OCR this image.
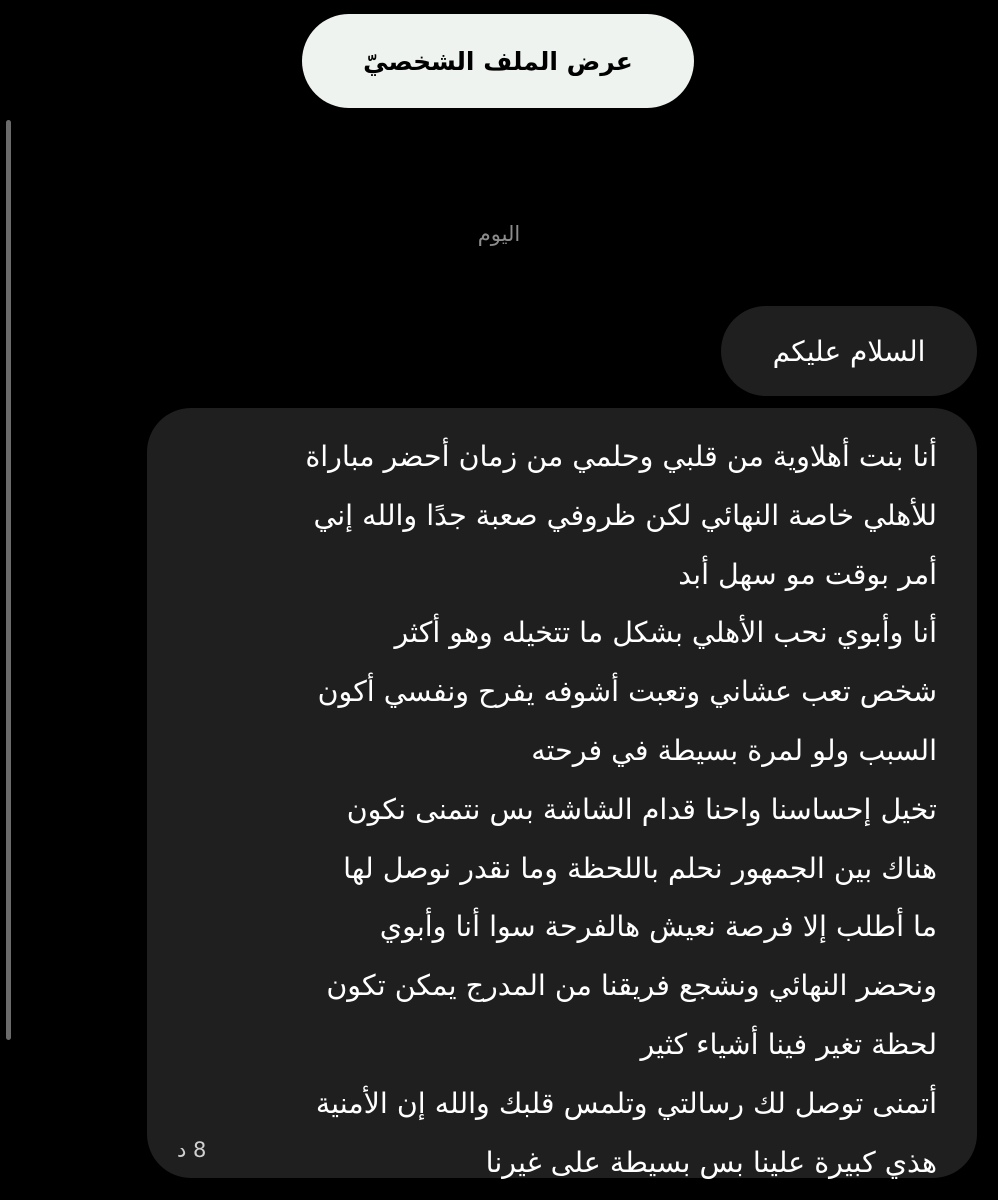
عرض الملف الشخصيّ
اليوم
السلام عليكم
أنا بنت أهلاوية من قلبي وحلمي من زمان أحضر مباراة
للأهلي خاصة النهائي لكن ظروفي صعبة جدًا والله إني
أمر بوقت مو سهل أبد
أنا وأبوي نحب الأهلي بشكل ما تتخيله وهو أكثر
شخص تعب عشاني وتعبت أشوفه يفرح ونفسي أكون
السبب ولو لمرة بسيطة في فرحته
تخيل إحساسنا واحنا قدام الشاشة بس نتمنى نكون
هناك بين الجمهور نحلم باللحظة وما نقدر نوصل لها
ما أطلب إلا فرصة نعيش هالفرحة سوا أنا وأبوي
ونحضر النهائي ونشجع فريقنا من المدرج يمكن تكون
لحظة تغير فينا أشياء كثير
أتمنى توصل لك رسالتي وتلمس قلبك والله إن الأمنية
هذي كبيرة علينا بس بسيطة على غيرنا
8 د
